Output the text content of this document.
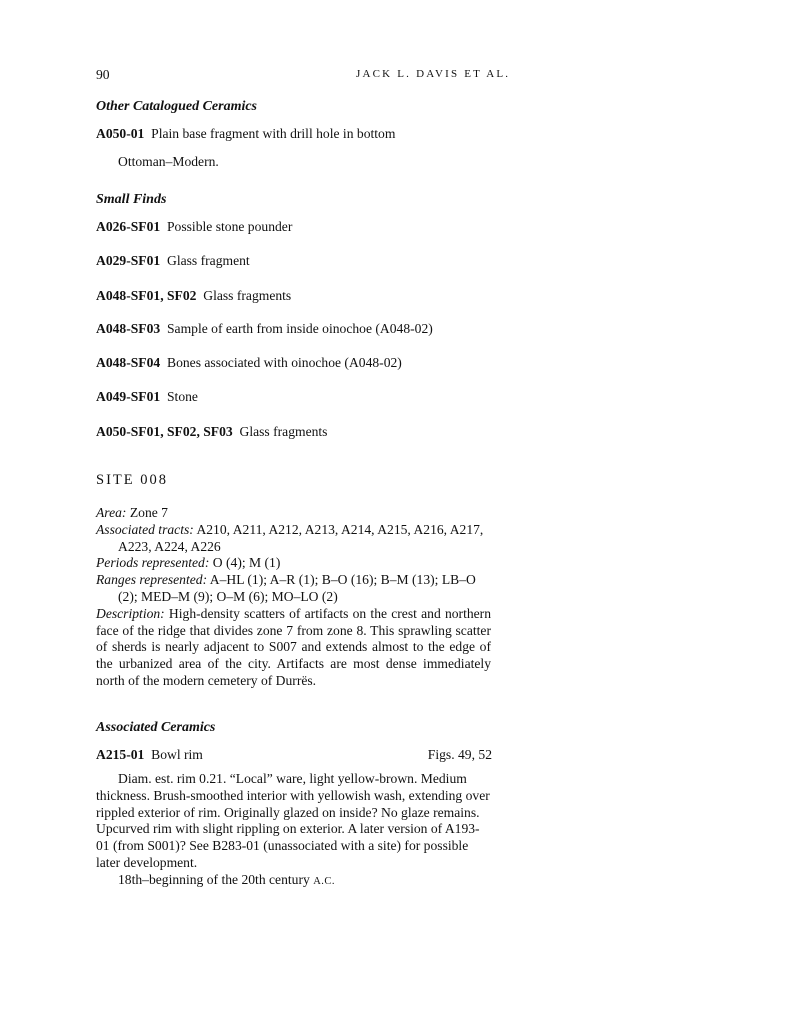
90	JACK L. DAVIS ET AL.
Other Catalogued Ceramics
A050-01 Plain base fragment with drill hole in bottom
Ottoman–Modern.
Small Finds
A026-SF01 Possible stone pounder
A029-SF01 Glass fragment
A048-SF01, SF02 Glass fragments
A048-SF03 Sample of earth from inside oinochoe (A048-02)
A048-SF04 Bones associated with oinochoe (A048-02)
A049-SF01 Stone
A050-SF01, SF02, SF03 Glass fragments
SITE 008

Area: Zone 7

Associated tracts: A210, A211, A212, A213, A214, A215, A216, A217, A223, A224, A226

Periods represented: O (4); M (1)

Ranges represented: A–HL (1); A–R (1); B–O (16); B–M (13); LB–O (2); MED–M (9); O–M (6); MO–LO (2)

Description: High-density scatters of artifacts on the crest and northern face of the ridge that divides zone 7 from zone 8. This sprawling scatter of sherds is nearly adjacent to S007 and extends almost to the edge of the urbanized area of the city. Artifacts are most dense immediately north of the modern cemetery of Durrës.

Associated Ceramics
A215-01 Bowl rim	Figs. 49, 52

Diam. est. rim 0.21. “Local” ware, light yellow-brown. Medium thickness. Brush-smoothed interior with yellowish wash, extending over rippled exterior of rim. Originally glazed on inside? No glaze remains. Upcurved rim with slight rippling on exterior. A later version of A193-01 (from S001)? See B283-01 (unassociated with a site) for possible later development.

18th–beginning of the 20th century A.C.
